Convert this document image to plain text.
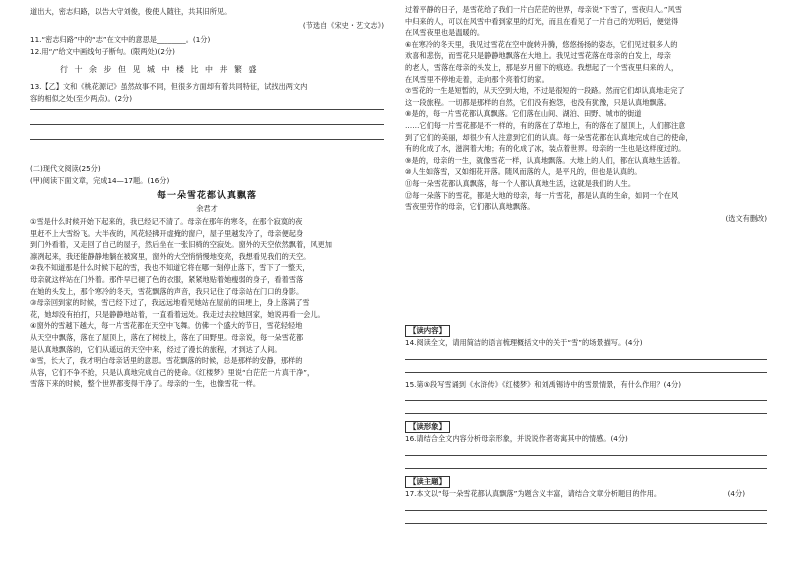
道出大，密志归路，以告大守刘俊，俊使人随往，共其旧所见。
(节选自《宋史・艺文志》)
11.“密志归路”中的“志”在文中的意思是________。(1分)
12.用“/”给文中画线句子断句。(限两处)(2分)
行十余步但见城中楼比中井繁盛
13.【乙】文和《桃花源记》虽然故事不同，但很多方面却有着共同特征，试找出两文内
容的相似之处(至少两点)。(2分)
(二)现代文阅读(25分)
(甲)阅读下面文章，完成14—17题。(16分)
每一朵雪花都认真飘落
余君才
①雪是什么时候开始下起来的，我已经记不清了。母亲在那年的寒冬，在那个寂寞的夜
里赶不上大雪纷飞。大半夜的，风花轻拂开虚掩的窗户，屋子里越发冷了，母亲便起身
到门外看着，又走回了自己的屋子，然后坐在一张旧椅的空寂处。窗外的天空依然飘着，风更加
凛冽起来，我还能静静地躺在被窝里，窗外的大空悄悄慢地变亮，我想看见我们的天空。
②我不知道那是什么时候下起的雪，我也不知道它将在哪一刻停止落下，雪下了一整天，
母亲就这样站在门外着。那件早已褪了色的衣服，紧紧地贴着她瘦弱的身子，看着雪落
在她的头发上，那个寒冷的冬天，雪花飘落的声音，我只记住了母亲站在门口的身影。
③母亲回到家的时候，雪已经下过了，我远远地看见她站在屋前的田埂上，身上落满了雪
花，她却没有拍打，只是静静地站着，一直看着远处。我走过去拉她回家，她说再看一会儿。
④窗外的雪越下越大，每一片雪花都在天空中飞舞。仿佛一个盛大的节日，雪花轻轻地
从天空中飘落，落在了屋顶上，落在了树枝上，落在了田野里。母亲说，每一朵雪花都
是认真地飘落的，它们从遥远的天空中来，经过了漫长的旅程，才到达了人间。
⑤雪，长大了，我才明白母亲话里的意思。雪花飘落的时候，总是那样的安静，那样的
从容，它们不争不抢，只是认真地完成自己的使命。《红楼梦》里说“白茫茫一片真干净”，
雪落下来的时候，整个世界都变得干净了。母亲的一生，也像雪花一样。
过着平静的日子，是雪花给了我们一片白茫茫的世界，母亲说“下雪了，雪夜归人。”风雪
中归来的人，可以在风雪中看到家里的灯光，而且在看见了一片自己的光明后，便觉得
在风雪夜里也是温暖的。
⑥在寒冷的冬天里，我见过雪花在空中旋转升腾，悠悠扬扬的姿态，它们见过很多人的
欢喜和悲伤，而雪花只是静静地飘落在大地上。我见过雪花落在母亲的白发上，母亲
的老人，雪落在母亲的头发上，那是岁月留下的痕迹。我想起了一个雪夜里归来的人，
在风雪里不停地走着，走向那个亮着灯的家。
⑦雪花的一生是短暂的，从天空到大地，不过是很短的一段路。然而它们却认真地走完了
这一段旅程。一切都是那样的自然，它们没有抱怨，也没有犹豫，只是认真地飘落。
⑧是的，每一片雪花都认真飘落。它们落在山间、湖泊、田野、城市的街道
……它们每一片雪花都是不一样的，有的落在了草地上，有的落在了屋顶上，人们都注意
到了它们的美丽，却很少有人注意到它们的认真。每一朵雪花都在认真地完成自己的使命，
有的化成了水，滋润着大地；有的化成了冰，装点着世界。母亲的一生也是这样度过的。
⑨是的，母亲的一生，就像雪花一样，认真地飘落。大地上的人们，都在认真地生活着。
⑩人生如落雪，又如细花开落。随风而落的人，是平凡的，但也是认真的。
⑪每一朵雪花都认真飘落，每一个人都认真地生活，这就是我们的人生。
⑫每一朵落下的雪花，都是大地的母亲，每一片雪花，都是认真的生命，如同一个在风
雪夜里劳作的母亲，它们都认真地飘落。
(选文有删改)
【读内容】
14.阅读全文，请用简洁的语言梳理概括文中的关于“雪”的场景描写。(4分)
15.第⑤段写雪诵到《水浒传》《红楼梦》和刘禹锡诗中的雪景情景，有什么作用？(4分)
【读形象】
16.请结合全文内容分析母亲形象，并说说作者寄寓其中的情感。(4分)
【读主题】
17.本文以“每一朵雪花都认真飘落”为题含义丰富，请结合文章分析题目的作用。	(4分)
